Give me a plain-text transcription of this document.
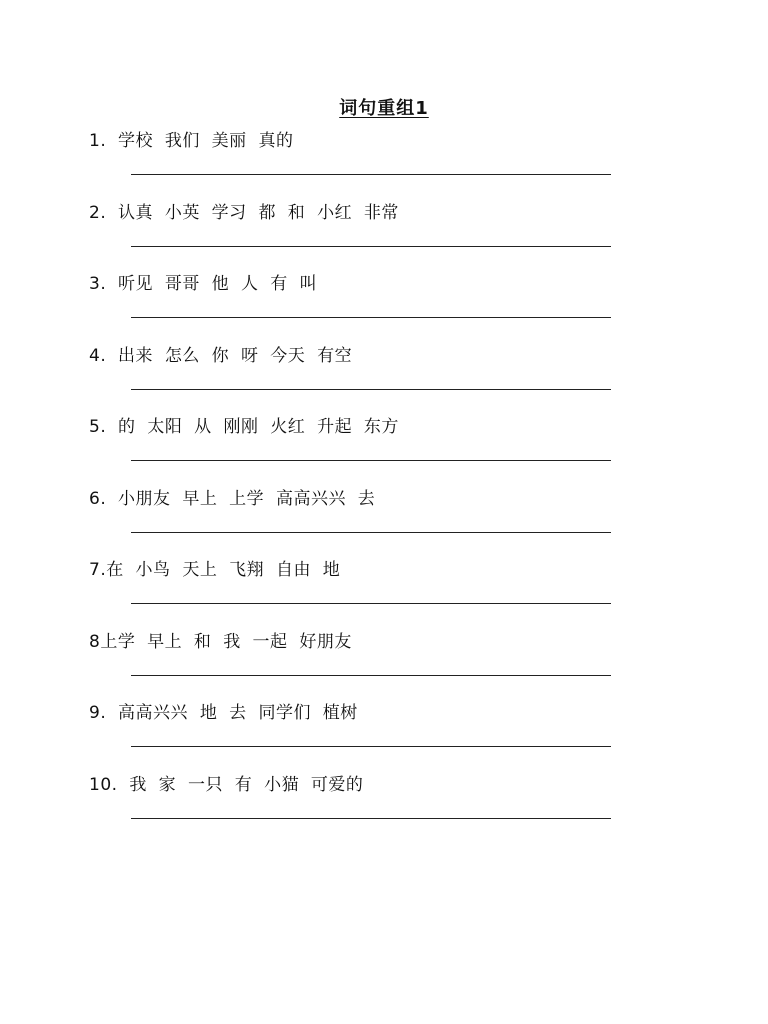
词句重组1
1.  学校  我们  美丽  真的
2.  认真  小英  学习  都  和  小红  非常
3.  听见  哥哥  他  人  有  叫
4.  出来  怎么  你  呀  今天  有空
5.  的  太阳  从  刚刚  火红  升起  东方
6.  小朋友  早上  上学  高高兴兴  去
7.在  小鸟  天上  飞翔  自由  地
8上学  早上  和  我  一起  好朋友
9.  高高兴兴  地  去  同学们  植树
10.  我  家  一只  有  小猫  可爱的
